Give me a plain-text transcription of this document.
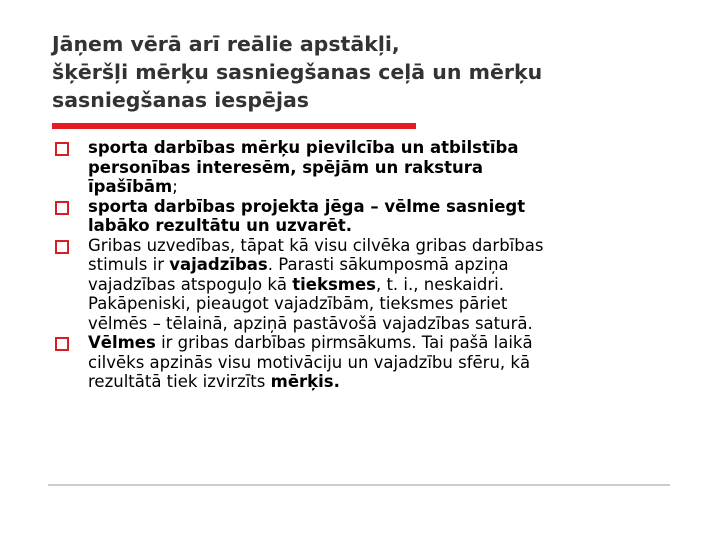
Jāņem vērā arī reālie apstākļi,
šķēršļi mērķu sasniegšanas ceļā un mērķu
sasniegšanas iespējas
sporta darbības mērķu pievilcība un atbilstība
personības interesēm, spējām un rakstura
īpašībām;
sporta darbības projekta jēga – vēlme sasniegt
labāko rezultātu un uzvarēt.
Gribas uzvedības, tāpat kā visu cilvēka gribas darbības
stimuls ir vajadzības. Parasti sākumposmā apziņa
vajadzības atspoguļo kā tieksmes, t. i., neskaidri.
Pakāpeniski, pieaugot vajadzībām, tieksmes pāriet
vēlmēs – tēlainā, apziņā pastāvošā vajadzības saturā.
Vēlmes ir gribas darbības pirmsākums. Tai pašā laikā
cilvēks apzinās visu motivāciju un vajadzību sfēru, kā
rezultātā tiek izvirzīts mērķis.
